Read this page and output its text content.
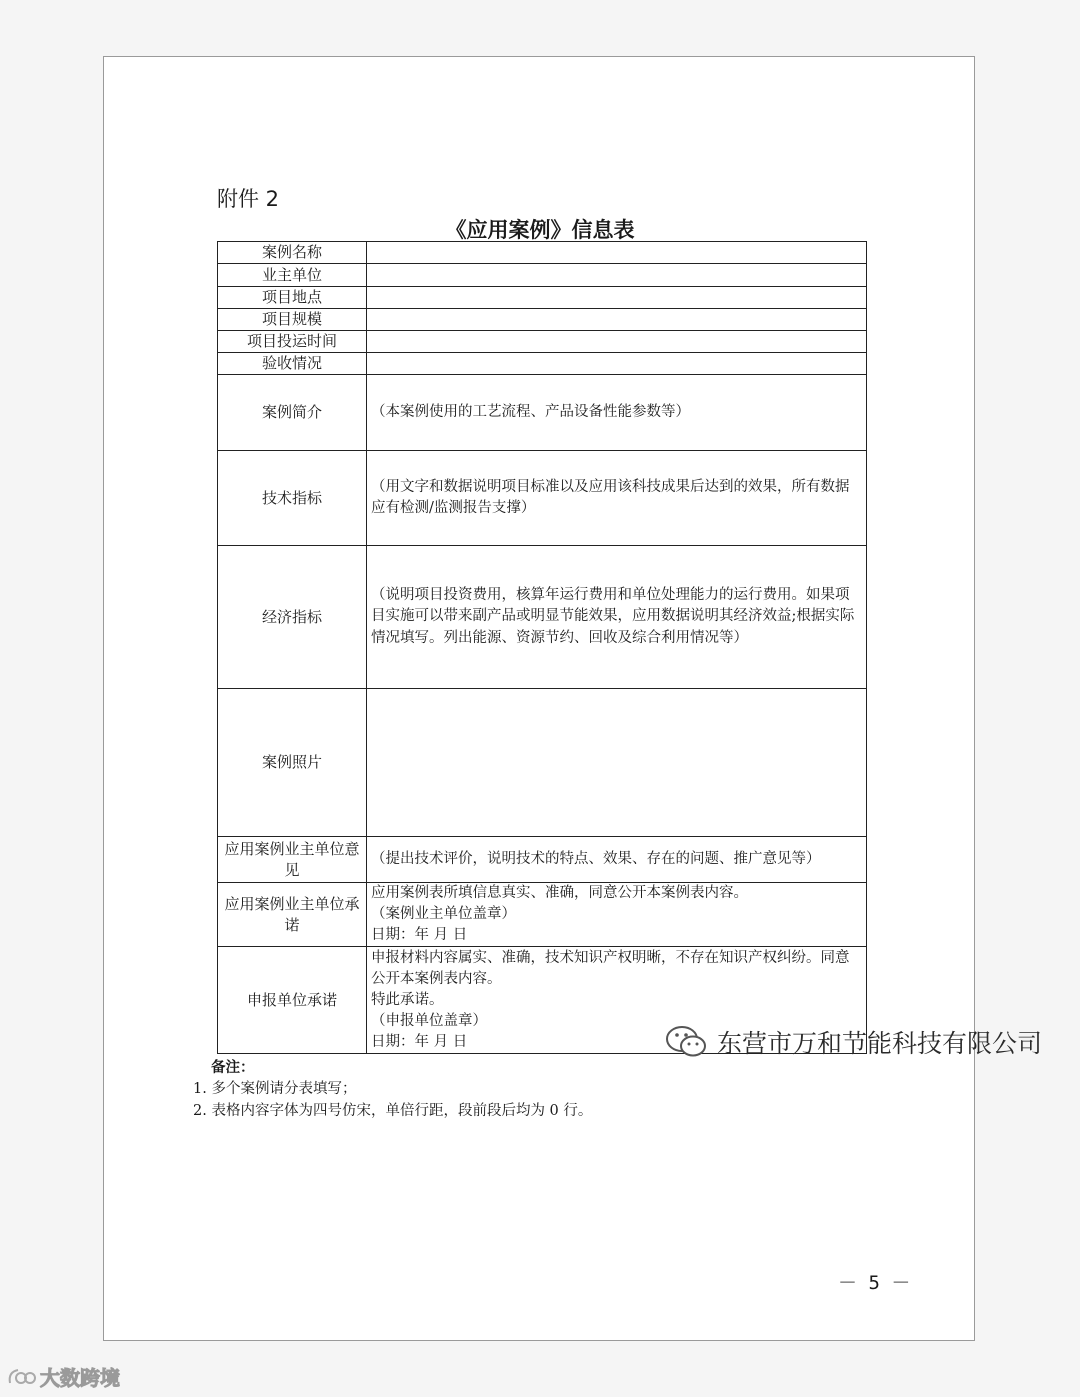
附件 2
《应用案例》信息表
案例名称	
业主单位	
项目地点	
项目规模	
项目投运时间	
验收情况	
案例简介	（本案例使用的工艺流程、产品设备性能参数等）
技术指标	（用文字和数据说明项目标准以及应用该科技成果后达到的效果，所有数据应有检测/监测报告支撑）
经济指标	（说明项目投资费用，核算年运行费用和单位处理能力的运行费用。如果项目实施可以带来副产品或明显节能效果，应用数据说明其经济效益;根据实际情况填写。列出能源、资源节约、回收及综合利用情况等）
案例照片	
应用案例业主单位意见	（提出技术评价，说明技术的特点、效果、存在的问题、推广意见等）
应用案例业主单位承诺	应用案例表所填信息真实、准确，同意公开本案例表内容。
（案例业主单位盖章）
日期：年 月 日

申报单位承诺	申报材料内容属实、准确，技术知识产权明晰，不存在知识产权纠纷。同意公开本案例表内容。
特此承诺。
（申报单位盖章）
日期：年 月 日
备注：
1. 多个案例请分表填写；
2. 表格内容字体为四号仿宋，单倍行距，段前段后均为 0 行。
－ 5 －
东营市万和节能科技有限公司
大数跨境
